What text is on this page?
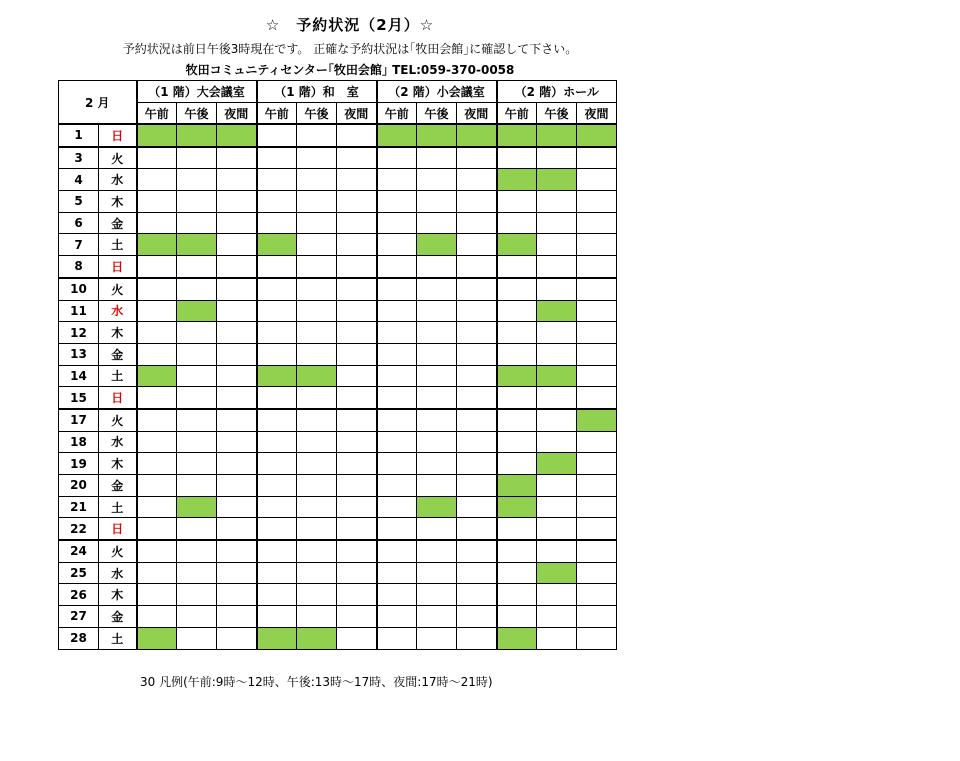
☆　予約状況（2月）☆
予約状況は前日午後3時現在です。 正確な予約状況は｢牧田会館｣に確認して下さい。
牧田コミュニティセンター｢牧田会館｣ TEL:059-370-0058
2 月		（1 階）大会議室			（1 階）和　室			（2 階）小会議室			（2 階）ホール		
		午前	午後	夜間	午前	午後	夜間	午前	午後	夜間	午前	午後	夜間
1	日												
3	火												
4	水												
5	木												
6	金												
7	土												
8	日												
10	火												
11	水												
12	木												
13	金												
14	土												
15	日												
17	火												
18	水												
19	木												
20	金												
21	土												
22	日												
24	火												
25	水												
26	木												
27	金												
28	土												
30 凡例(午前:9時～12時、午後:13時～17時、夜間:17時～21時)
